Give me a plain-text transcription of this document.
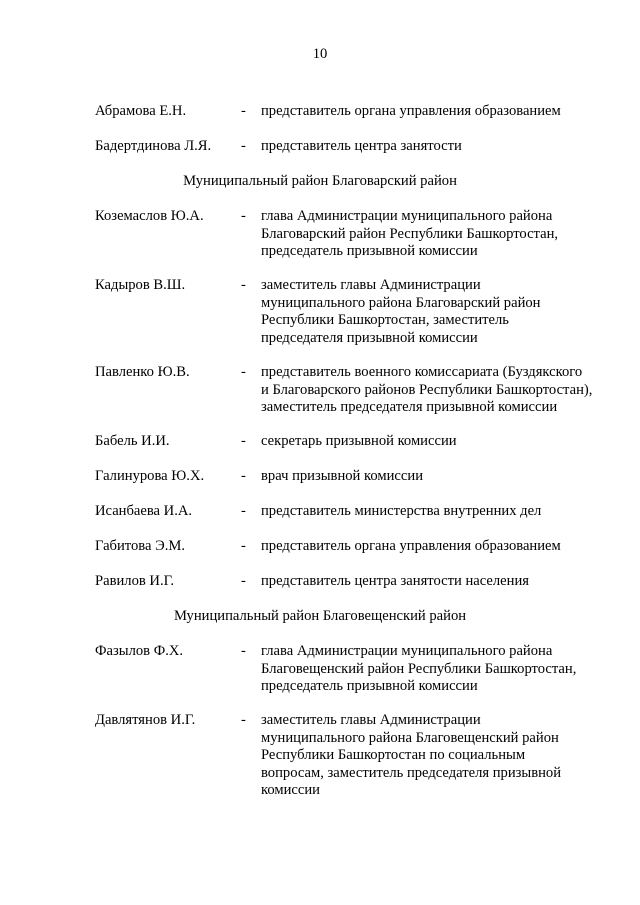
10
Абрамова Е.Н.	- представитель органа управления образованием
Бадертдинова Л.Я. - представитель центра занятости
Муниципальный район Благоварский район
Коземаслов Ю.А.	- глава Администрации муниципального района
Благоварский район Республики Башкортостан,
председатель призывной комиссии
Кадыров В.Ш.	- заместитель главы Администрации
муниципального района Благоварский район
Республики Башкортостан, заместитель
председателя призывной комиссии
Павленко Ю.В.	- представитель военного комиссариата (Буздякского
и Благоварского районов Республики Башкортостан),
заместитель председателя призывной комиссии
Бабель И.И.	- секретарь призывной комиссии
Галинурова Ю.Х.	- врач призывной комиссии
Исанбаева И.А.	- представитель министерства внутренних дел
Габитова Э.М.	- представитель органа управления образованием
Равилов И.Г.	- представитель центра занятости населения
Муниципальный район Благовещенский район
Фазылов Ф.Х.	- глава Администрации муниципального района
Благовещенский район Республики Башкортостан,
председатель призывной комиссии
Давлятянов И.Г.	- заместитель главы Администрации
муниципального района Благовещенский район
Республики Башкортостан по социальным
вопросам, заместитель председателя призывной
комиссии
